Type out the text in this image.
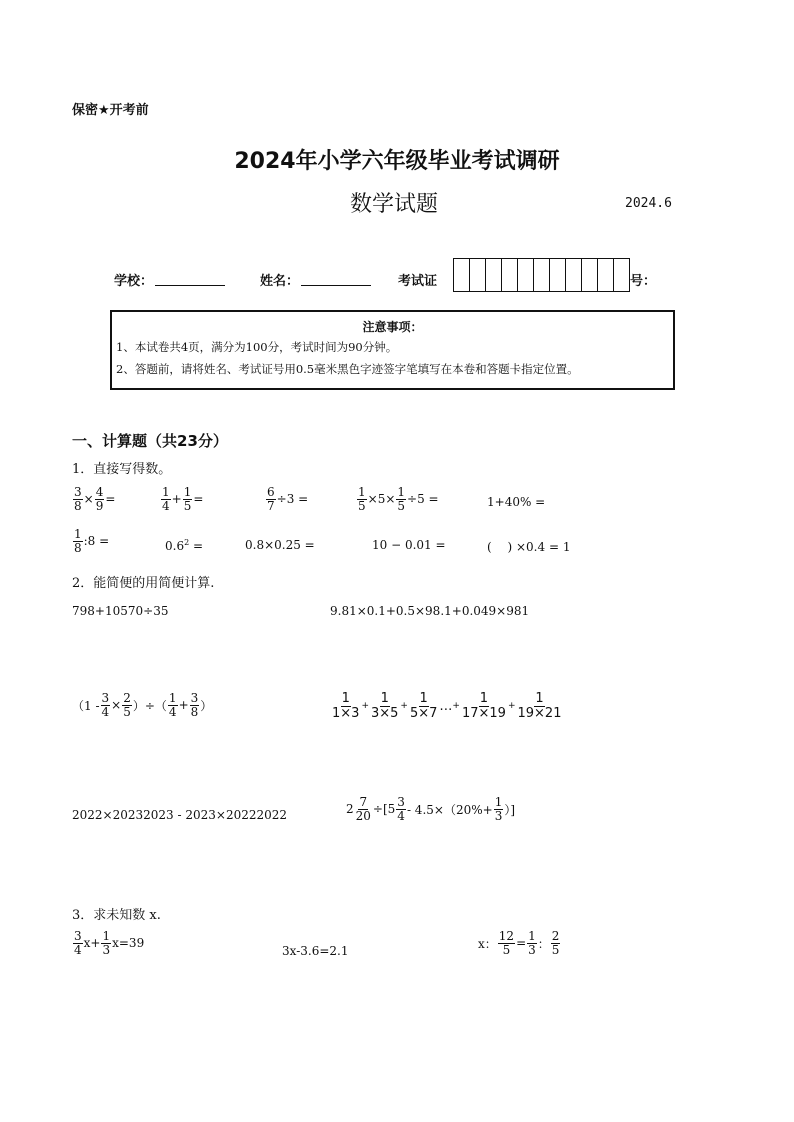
保密★开考前
2024年小学六年级毕业考试调研
数学试题	2024.6
学校：	姓名：	考试证	号：
注意事项：
1、本试卷共4页，满分为100分，考试时间为90分钟。
2、答题前，请将姓名、考试证号用0.5毫米黑色字迹签字笔填写在本卷和答题卡指定位置。
一、计算题（共23分）
1．直接写得数。
$\frac{3}{8} \times \frac{4}{9}$ =	$\frac{1}{4} + \frac{1}{5}$ =	$\frac{6}{7} \div 3$ =	$\frac{1}{5} \times 5\times \frac{1}{5} \div 5$ =	1+40% =
$\frac{1}{8}$ :8 =	$0.6^2$ =	0.8×0.25 =	10 − 0.01 =	(　 ) ×0.4 = 1
2．能简便的用简便计算.
798+10570÷35	9.81×0.1+0.5×98.1+0.049×981
（$1 - \frac{3}{4} \times \frac{2}{5}$ ）÷（ $\frac{1}{4} + \frac{3}{8}$ ）	$\frac{1}{1\times 3} + \frac{1}{3\times 5} + \frac{1}{5\times 7}$ … + $\frac{1}{17\times 19} + \frac{1}{19\times 21}$
2022×20232023 - 2023×20222022	$2 \frac{7}{20} \div[5 \frac{3}{4} - 4.5\times(20\%+ \frac{1}{3}$ ）]
3．求未知数 x.
$\frac{3}{4} x+ \frac{1}{3} x=39$
3x-3.6=2.1
x： $\frac{12}{5} = \frac{1}{3}$ ： $\frac{2}{5}$
